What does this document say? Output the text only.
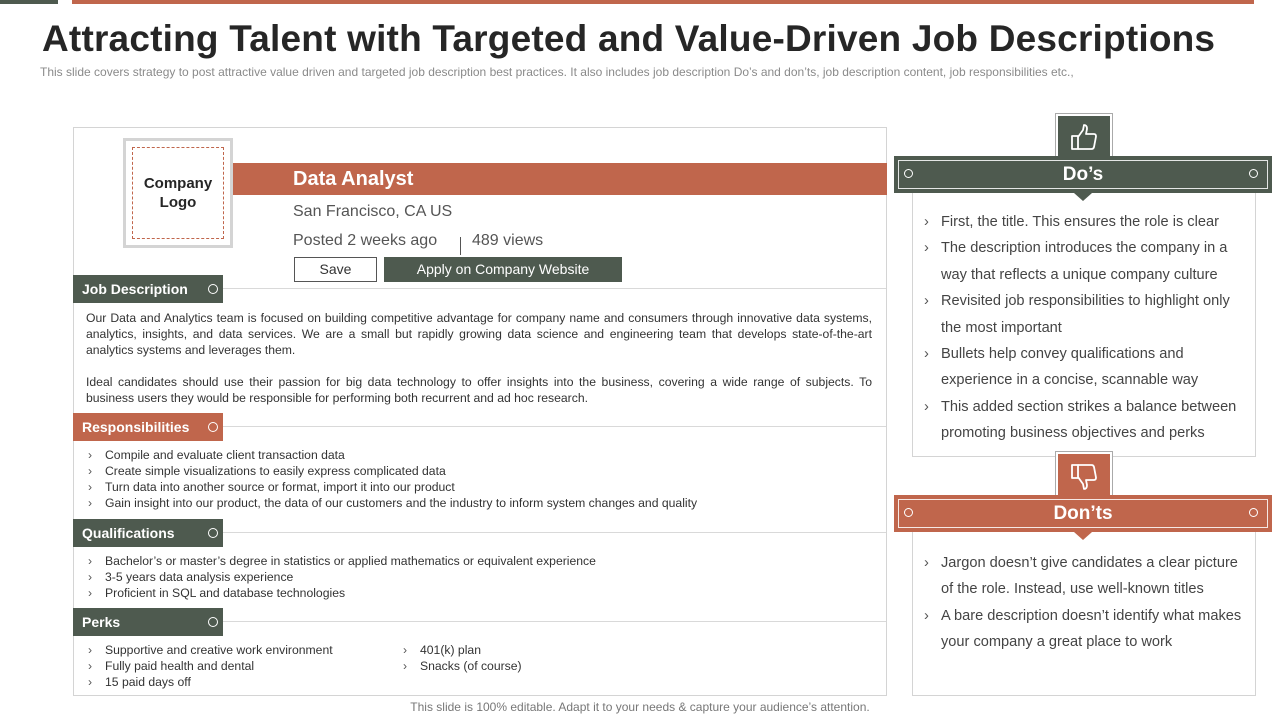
Attracting Talent with Targeted and Value-Driven Job Descriptions

This slide covers strategy to post attractive value driven and targeted job description best practices. It also includes job description Do’s and don’ts, job description content, job responsibilities etc.,

Company Logo
Data Analyst
San Francisco, CA US
Posted 2 weeks ago 489 views
Save	Apply on Company Website
Job Description

Our Data and Analytics team is focused on building competitive advantage for company name and consumers through innovative data systems, analytics, insights, and data services. We are a small but rapidly growing data science and engineering team that develops state-of-the-art analytics systems and leverages them.

Ideal candidates should use their passion for big data technology to offer insights into the business, covering a wide range of subjects. To business users they would be responsible for performing both recurrent and ad hoc research.

Responsibilities
› Compile and evaluate client transaction data
› Create simple visualizations to easily express complicated data
› Turn data into another source or format, import it into our product
› Gain insight into our product, the data of our customers and the industry to inform system changes and quality
Qualifications
› Bachelor’s or master’s degree in statistics or applied mathematics or equivalent experience
› 3-5 years data analysis experience
› Proficient in SQL and database technologies
Perks
› Supportive and creative work environment
› Fully paid health and dental
› 15 paid days off
› 401(k) plan
› Snacks (of course)
Do’s
› First, the title. This ensures the role is clear
› The description introduces the company in a way that reflects a unique company culture
› Revisited job responsibilities to highlight only the most important
› Bullets help convey qualifications and experience in a concise, scannable way
› This added section strikes a balance between promoting business objectives and perks
Don’ts
› Jargon doesn’t give candidates a clear picture of the role. Instead, use well-known titles
› A bare description doesn’t identify what makes your company a great place to work
This slide is 100% editable. Adapt it to your needs & capture your audience’s attention.
